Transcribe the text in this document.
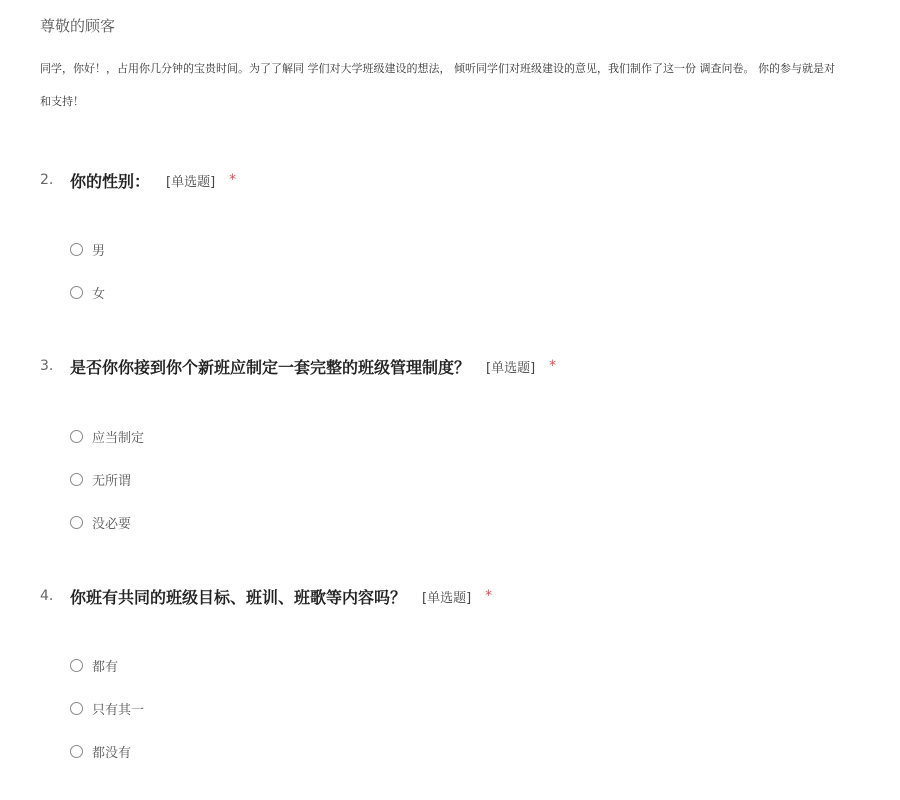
尊敬的顾客
同学，你好！，占用你几分钟的宝贵时间。为了了解同 学们对大学班级建设的想法， 倾听同学们对班级建设的意见，我们制作了这一份 调查问卷。 你的参与就是对
和支持！
2.	你的性别： [单选题] *
男
女
3.	是否你你接到你个新班应制定一套完整的班级管理制度？ [单选题] *
应当制定
无所谓
没必要
4.	你班有共同的班级目标、班训、班歌等内容吗？ [单选题] *
都有
只有其一
都没有
